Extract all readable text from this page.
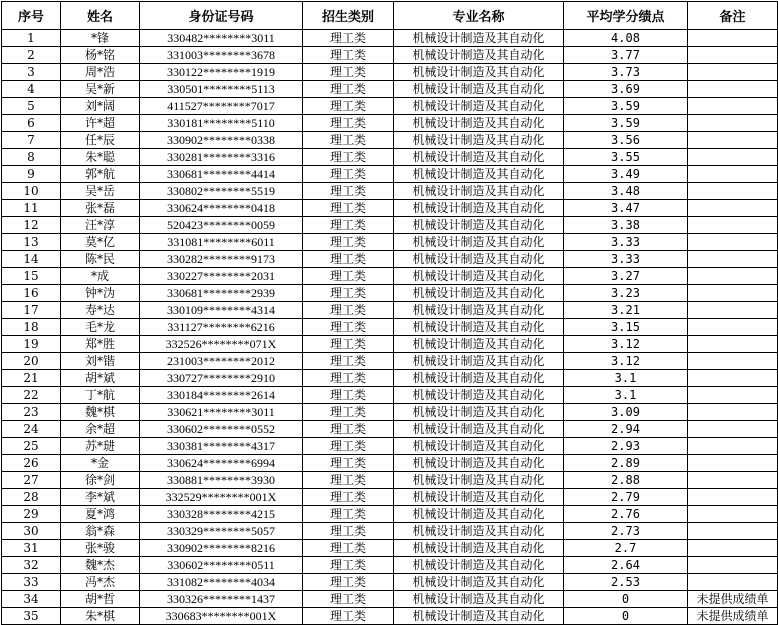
序号	姓名	身份证号码	招生类别	专业名称	平均学分绩点	备注
1	*锋	330482********3011	理工类	机械设计制造及其自动化	4.08	
2	杨*铭	331003********3678	理工类	机械设计制造及其自动化	3.77	
3	周*浩	330122********1919	理工类	机械设计制造及其自动化	3.73	
4	吴*新	330501********5113	理工类	机械设计制造及其自动化	3.69	
5	刘*阔	411527********7017	理工类	机械设计制造及其自动化	3.59	
6	许*超	330181********5110	理工类	机械设计制造及其自动化	3.59	
7	任*辰	330902********0338	理工类	机械设计制造及其自动化	3.56	
8	朱*聪	330281********3316	理工类	机械设计制造及其自动化	3.55	
9	郭*航	330681********4414	理工类	机械设计制造及其自动化	3.49	
10	吴*岳	330802********5519	理工类	机械设计制造及其自动化	3.48	
11	张*磊	330624********0418	理工类	机械设计制造及其自动化	3.47	
12	汪*淳	520423********0059	理工类	机械设计制造及其自动化	3.38	
13	莫*亿	331081********6011	理工类	机械设计制造及其自动化	3.33	
14	陈*民	330282********9173	理工类	机械设计制造及其自动化	3.33	
15	*成	330227********2031	理工类	机械设计制造及其自动化	3.27	
16	钟*沩	330681********2939	理工类	机械设计制造及其自动化	3.23	
17	寿*达	330109********4314	理工类	机械设计制造及其自动化	3.21	
18	毛*龙	331127********6216	理工类	机械设计制造及其自动化	3.15	
19	郑*胜	332526********071X	理工类	机械设计制造及其自动化	3.12	
20	刘*锴	231003********2012	理工类	机械设计制造及其自动化	3.12	
21	胡*斌	330727********2910	理工类	机械设计制造及其自动化	3.1	
22	丁*航	330184********2614	理工类	机械设计制造及其自动化	3.1	
23	魏*棋	330621********3011	理工类	机械设计制造及其自动化	3.09	
24	余*超	330602********0552	理工类	机械设计制造及其自动化	2.94	
25	苏*琎	330381********4317	理工类	机械设计制造及其自动化	2.93	
26	*金	330624********6994	理工类	机械设计制造及其自动化	2.89	
27	徐*剑	330881********3930	理工类	机械设计制造及其自动化	2.88	
28	李*斌	332529********001X	理工类	机械设计制造及其自动化	2.79	
29	夏*鸿	330328********4215	理工类	机械设计制造及其自动化	2.76	
30	翁*森	330329********5057	理工类	机械设计制造及其自动化	2.73	
31	张*骏	330902********8216	理工类	机械设计制造及其自动化	2.7	
32	魏*杰	330602********0511	理工类	机械设计制造及其自动化	2.64	
33	冯*杰	331082********4034	理工类	机械设计制造及其自动化	2.53	
34	胡*哲	330326********1437	理工类	机械设计制造及其自动化	0	未提供成绩单
35	朱*棋	330683********001X	理工类	机械设计制造及其自动化	0	未提供成绩单
